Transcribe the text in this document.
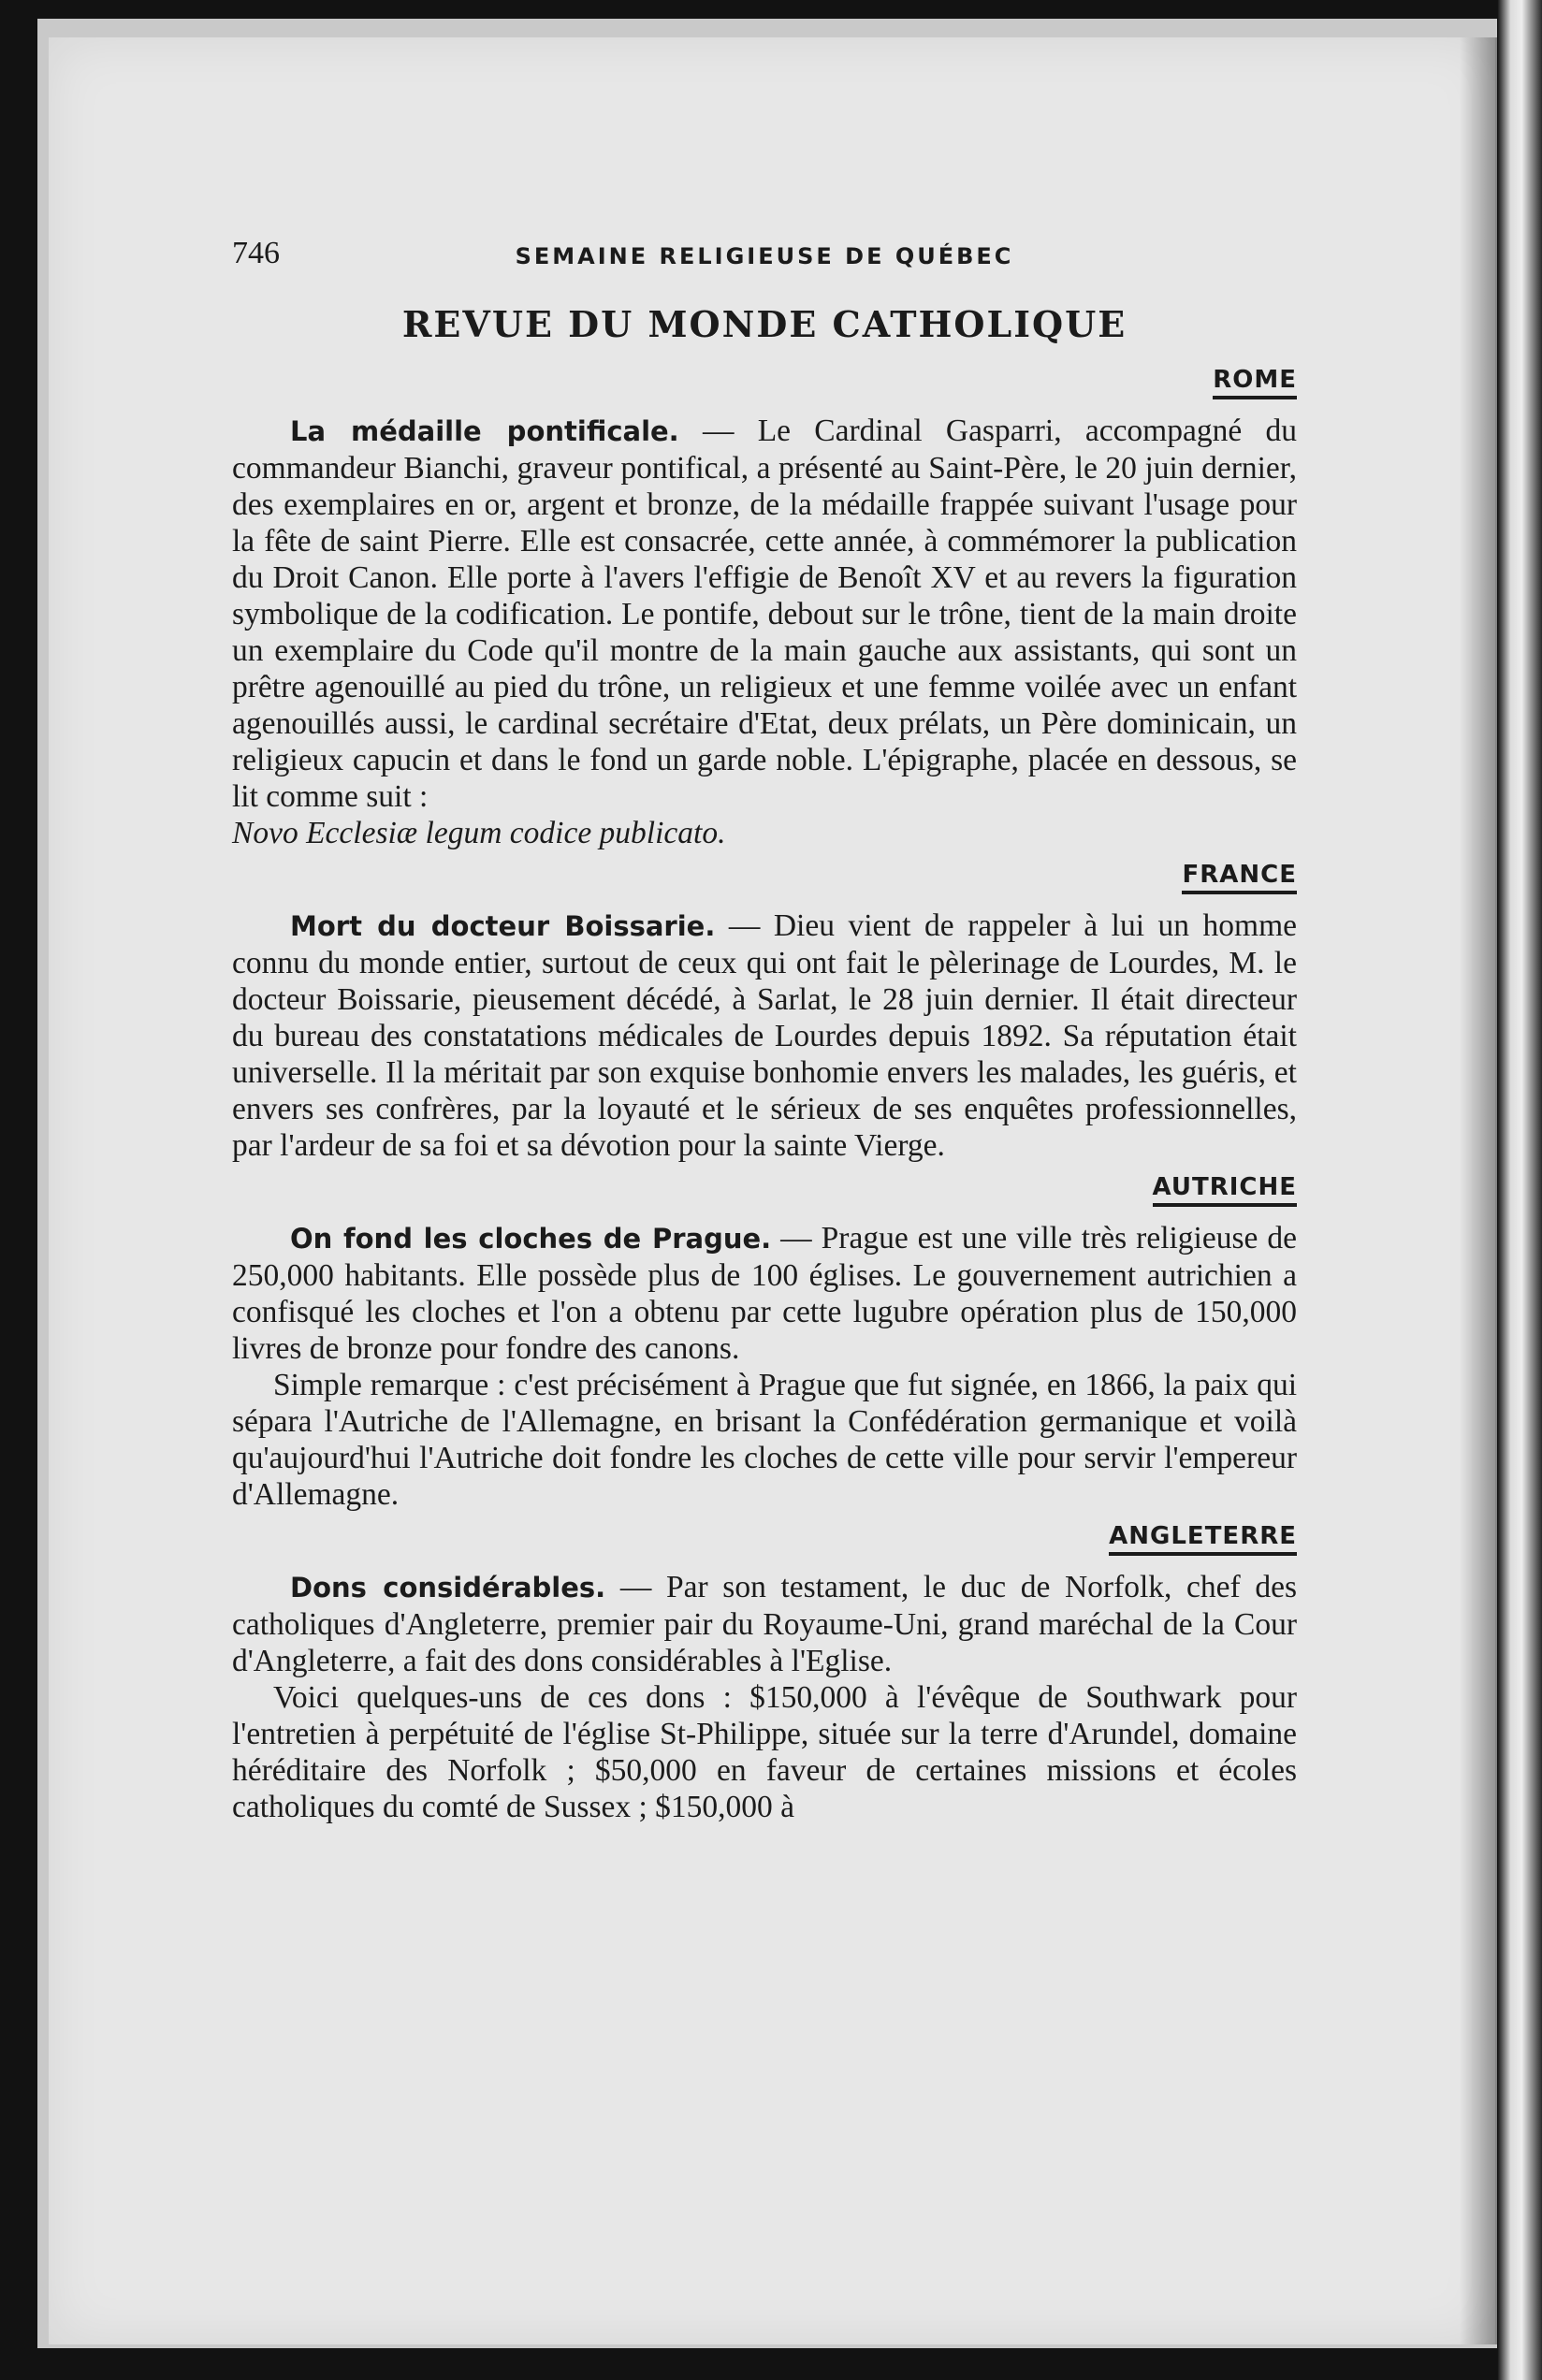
746	SEMAINE RELIGIEUSE DE QUÉBEC
REVUE DU MONDE CATHOLIQUE
ROME

La médaille pontificale. — Le Cardinal Gasparri, accompagné du commandeur Bianchi, graveur pontifical, a présenté au Saint-Père, le 20 juin dernier, des exemplaires en or, argent et bronze, de la médaille frappée suivant l'usage pour la fête de saint Pierre. Elle est consacrée, cette année, à commémorer la publication du Droit Canon. Elle porte à l'avers l'effigie de Benoît XV et au revers la figuration symbolique de la codification. Le pontife, debout sur le trône, tient de la main droite un exemplaire du Code qu'il montre de la main gauche aux assistants, qui sont un prêtre agenouillé au pied du trône, un religieux et une femme voilée avec un enfant agenouillés aussi, le cardinal secrétaire d'Etat, deux prélats, un Père dominicain, un religieux capucin et dans le fond un garde noble. L'épigraphe, placée en dessous, se lit comme suit :

Novo Ecclesiæ legum codice publicato.

FRANCE

Mort du docteur Boissarie. — Dieu vient de rappeler à lui un homme connu du monde entier, surtout de ceux qui ont fait le pèlerinage de Lourdes, M. le docteur Boissarie, pieusement décédé, à Sarlat, le 28 juin dernier. Il était directeur du bureau des constatations médicales de Lourdes depuis 1892. Sa réputation était universelle. Il la méritait par son exquise bonhomie envers les malades, les guéris, et envers ses confrères, par la loyauté et le sérieux de ses enquêtes professionnelles, par l'ardeur de sa foi et sa dévotion pour la sainte Vierge.

AUTRICHE

On fond les cloches de Prague. — Prague est une ville très religieuse de 250,000 habitants. Elle possède plus de 100 églises. Le gouvernement autrichien a confisqué les cloches et l'on a obtenu par cette lugubre opération plus de 150,000 livres de bronze pour fondre des canons.

Simple remarque : c'est précisément à Prague que fut signée, en 1866, la paix qui sépara l'Autriche de l'Allemagne, en brisant la Confédération germanique et voilà qu'aujourd'hui l'Autriche doit fondre les cloches de cette ville pour servir l'empereur d'Allemagne.

ANGLETERRE

Dons considérables. — Par son testament, le duc de Norfolk, chef des catholiques d'Angleterre, premier pair du Royaume-Uni, grand maréchal de la Cour d'Angleterre, a fait des dons considérables à l'Eglise.

Voici quelques-uns de ces dons : $150,000 à l'évêque de Southwark pour l'entretien à perpétuité de l'église St-Philippe, située sur la terre d'Arundel, domaine héréditaire des Norfolk ; $50,000 en faveur de certaines missions et écoles catholiques du comté de Sussex ; $150,000 à
